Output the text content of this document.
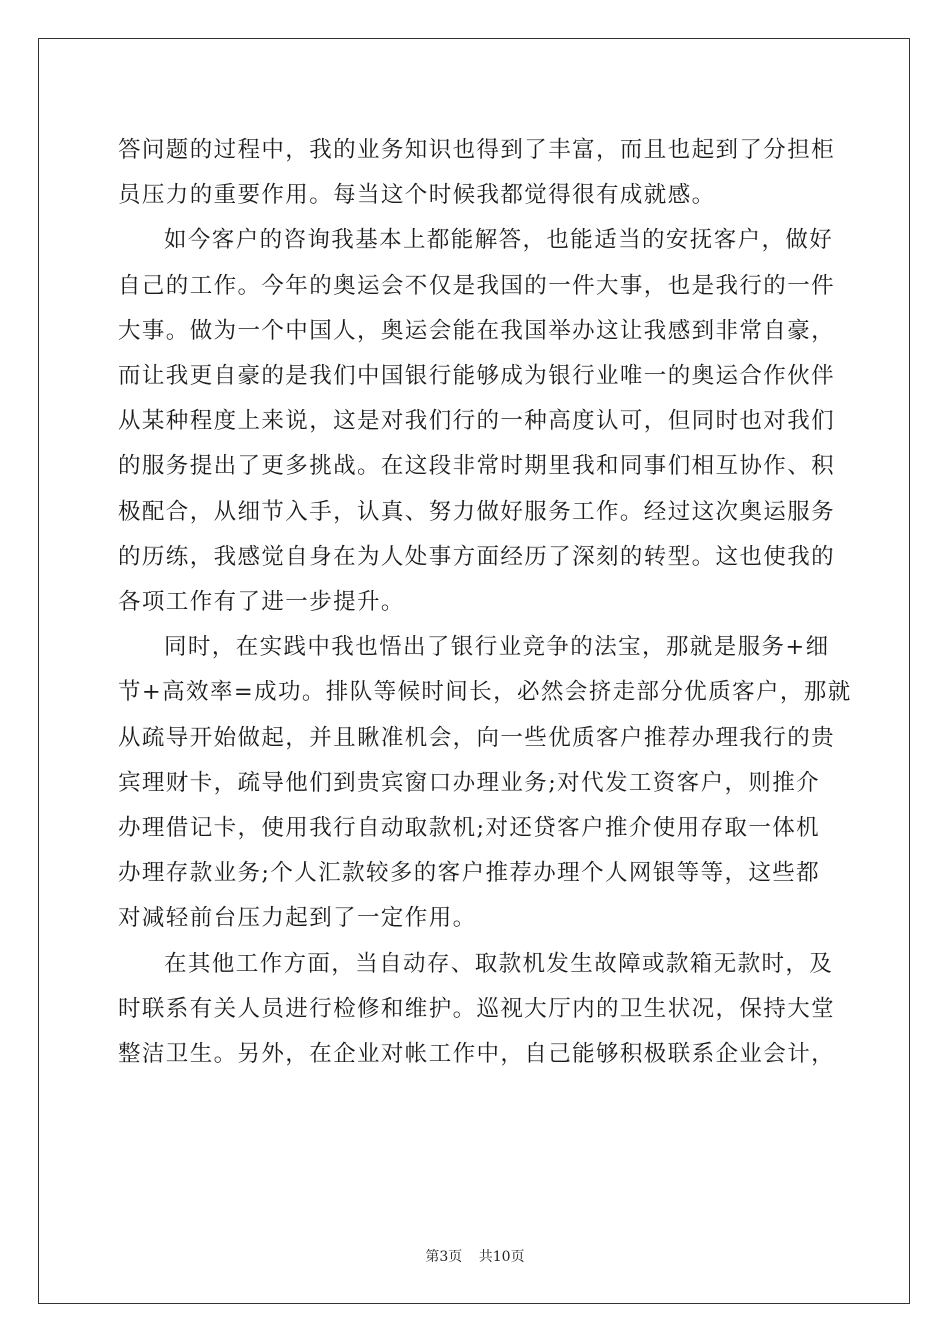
答问题的过程中，我的业务知识也得到了丰富，而且也起到了分担柜
员压力的重要作用。每当这个时候我都觉得很有成就感。

如今客户的咨询我基本上都能解答，也能适当的安抚客户，做好
自己的工作。今年的奥运会不仅是我国的一件大事，也是我行的一件
大事。做为一个中国人，奥运会能在我国举办这让我感到非常自豪，
而让我更自豪的是我们中国银行能够成为银行业唯一的奥运合作伙伴
从某种程度上来说，这是对我们行的一种高度认可，但同时也对我们
的服务提出了更多挑战。在这段非常时期里我和同事们相互协作、积
极配合，从细节入手，认真、努力做好服务工作。经过这次奥运服务
的历练，我感觉自身在为人处事方面经历了深刻的转型。这也使我的
各项工作有了进一步提升。

同时，在实践中我也悟出了银行业竞争的法宝，那就是服务+细
节+高效率=成功。排队等候时间长，必然会挤走部分优质客户，那就
从疏导开始做起，并且瞅准机会，向一些优质客户推荐办理我行的贵
宾理财卡，疏导他们到贵宾窗口办理业务;对代发工资客户，则推介
办理借记卡，使用我行自动取款机;对还贷客户推介使用存取一体机
办理存款业务;个人汇款较多的客户推荐办理个人网银等等，这些都
对减轻前台压力起到了一定作用。

在其他工作方面，当自动存、取款机发生故障或款箱无款时，及
时联系有关人员进行检修和维护。巡视大厅内的卫生状况，保持大堂
整洁卫生。另外，在企业对帐工作中，自己能够积极联系企业会计，

第3页 共10页
